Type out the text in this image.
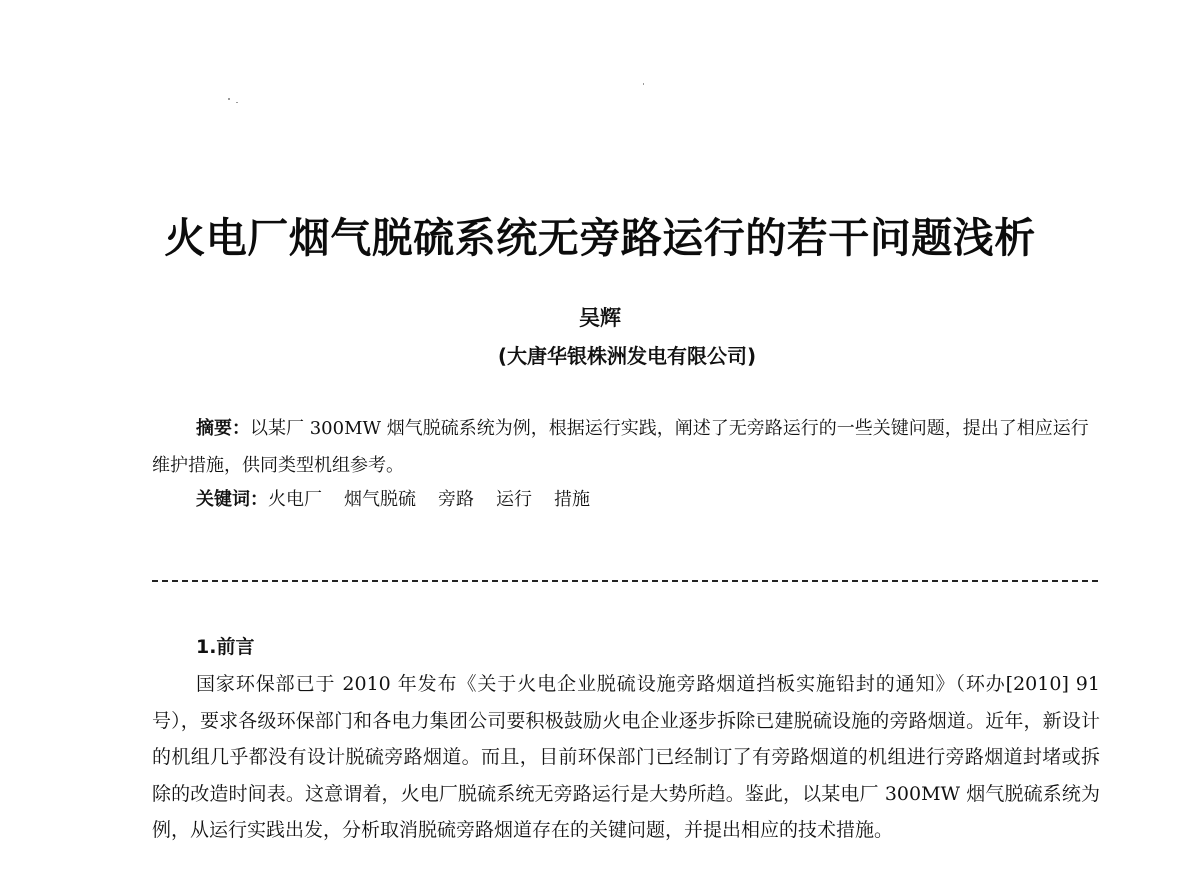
火电厂烟气脱硫系统无旁路运行的若干问题浅析
吴辉
(大唐华银株洲发电有限公司)
摘要：以某厂 300MW 烟气脱硫系统为例，根据运行实践，阐述了无旁路运行的一些关键问题，提出了相应运行维护措施，供同类型机组参考。
关键词：火电厂 烟气脱硫 旁路 运行 措施
1.前言
国家环保部已于 2010 年发布《关于火电企业脱硫设施旁路烟道挡板实施铅封的通知》（环办[2010] 91 号），要求各级环保部门和各电力集团公司要积极鼓励火电企业逐步拆除已建脱硫设施的旁路烟道。近年，新设计的机组几乎都没有设计脱硫旁路烟道。而且，目前环保部门已经制订了有旁路烟道的机组进行旁路烟道封堵或拆除的改造时间表。这意谓着，火电厂脱硫系统无旁路运行是大势所趋。鉴此，以某电厂 300MW 烟气脱硫系统为例，从运行实践出发，分析取消脱硫旁路烟道存在的关键问题，并提出相应的技术措施。
